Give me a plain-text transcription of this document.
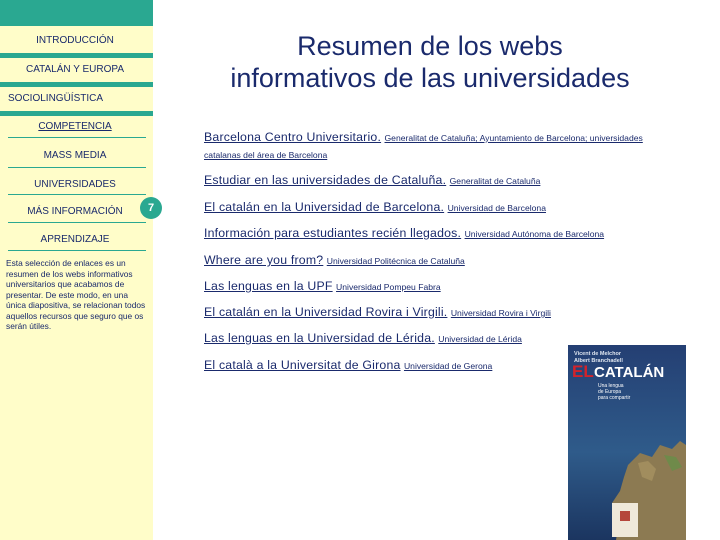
INTRODUCCIÓN
CATALÁN Y EUROPA
SOCIOLINGÜÍSTICA
COMPETENCIA
MASS MEDIA
UNIVERSIDADES
MÁS INFORMACIÓN
APRENDIZAJE
Esta selección de enlaces es un resumen de los webs informativos universitarios que acabamos de presentar. De este modo, en una única diapositiva, se relacionan todos aquellos recursos que seguro que os serán útiles.
7
Resumen de los webs
informativos de las universidades
Barcelona Centro Universitario. Generalitat de Cataluña; Ayuntamiento de Barcelona; universidades
catalanas del área de Barcelona
Estudiar en las universidades de Cataluña. Generalitat de Cataluña
El catalán en la Universidad de Barcelona. Universidad de Barcelona
Información para estudiantes recién llegados. Universidad Autónoma de Barcelona
Where are you from? Universidad Politécnica de Cataluña
Las lenguas en la UPF Universidad Pompeu Fabra
El catalán en la Universidad Rovira i Virgili. Universidad Rovira i Virgili
Las lenguas en la Universidad de Lérida. Universidad de Lérida
El català a la Universitat de Girona Universidad de Gerona
Vicent de Melchor
Albert Branchadell
EL CATALÁN
Una lengua
de Europa
para compartir
